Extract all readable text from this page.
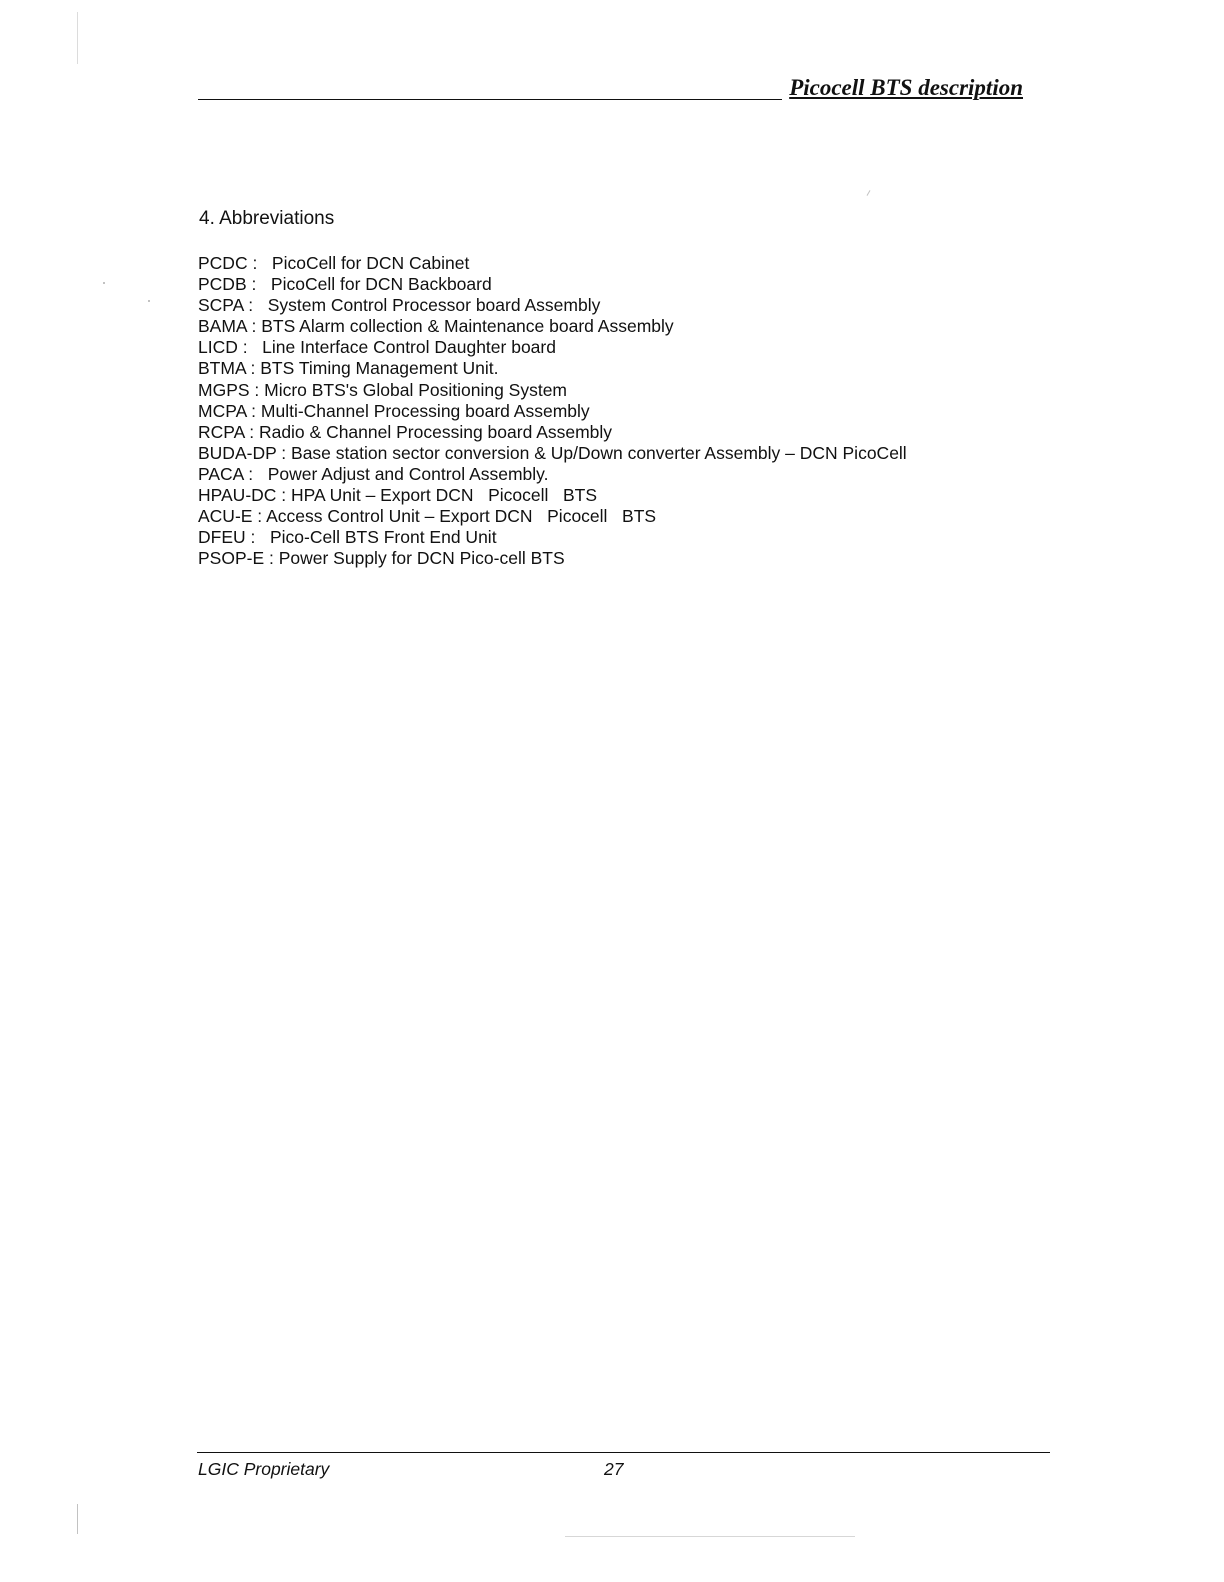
Picocell BTS description
4. Abbreviations
PCDC :   PicoCell for DCN Cabinet
PCDB :   PicoCell for DCN Backboard
SCPA :   System Control Processor board Assembly
BAMA : BTS Alarm collection & Maintenance board Assembly
LICD :   Line Interface Control Daughter board
BTMA : BTS Timing Management Unit.
MGPS : Micro BTS's Global Positioning System
MCPA : Multi-Channel Processing board Assembly
RCPA : Radio & Channel Processing board Assembly
BUDA-DP : Base station sector conversion & Up/Down converter Assembly – DCN PicoCell
PACA :   Power Adjust and Control Assembly.
HPAU-DC : HPA Unit – Export DCN   Picocell   BTS
ACU-E : Access Control Unit – Export DCN   Picocell   BTS
DFEU :   Pico-Cell BTS Front End Unit
PSOP-E : Power Supply for DCN Pico-cell BTS
LGIC Proprietary	27
